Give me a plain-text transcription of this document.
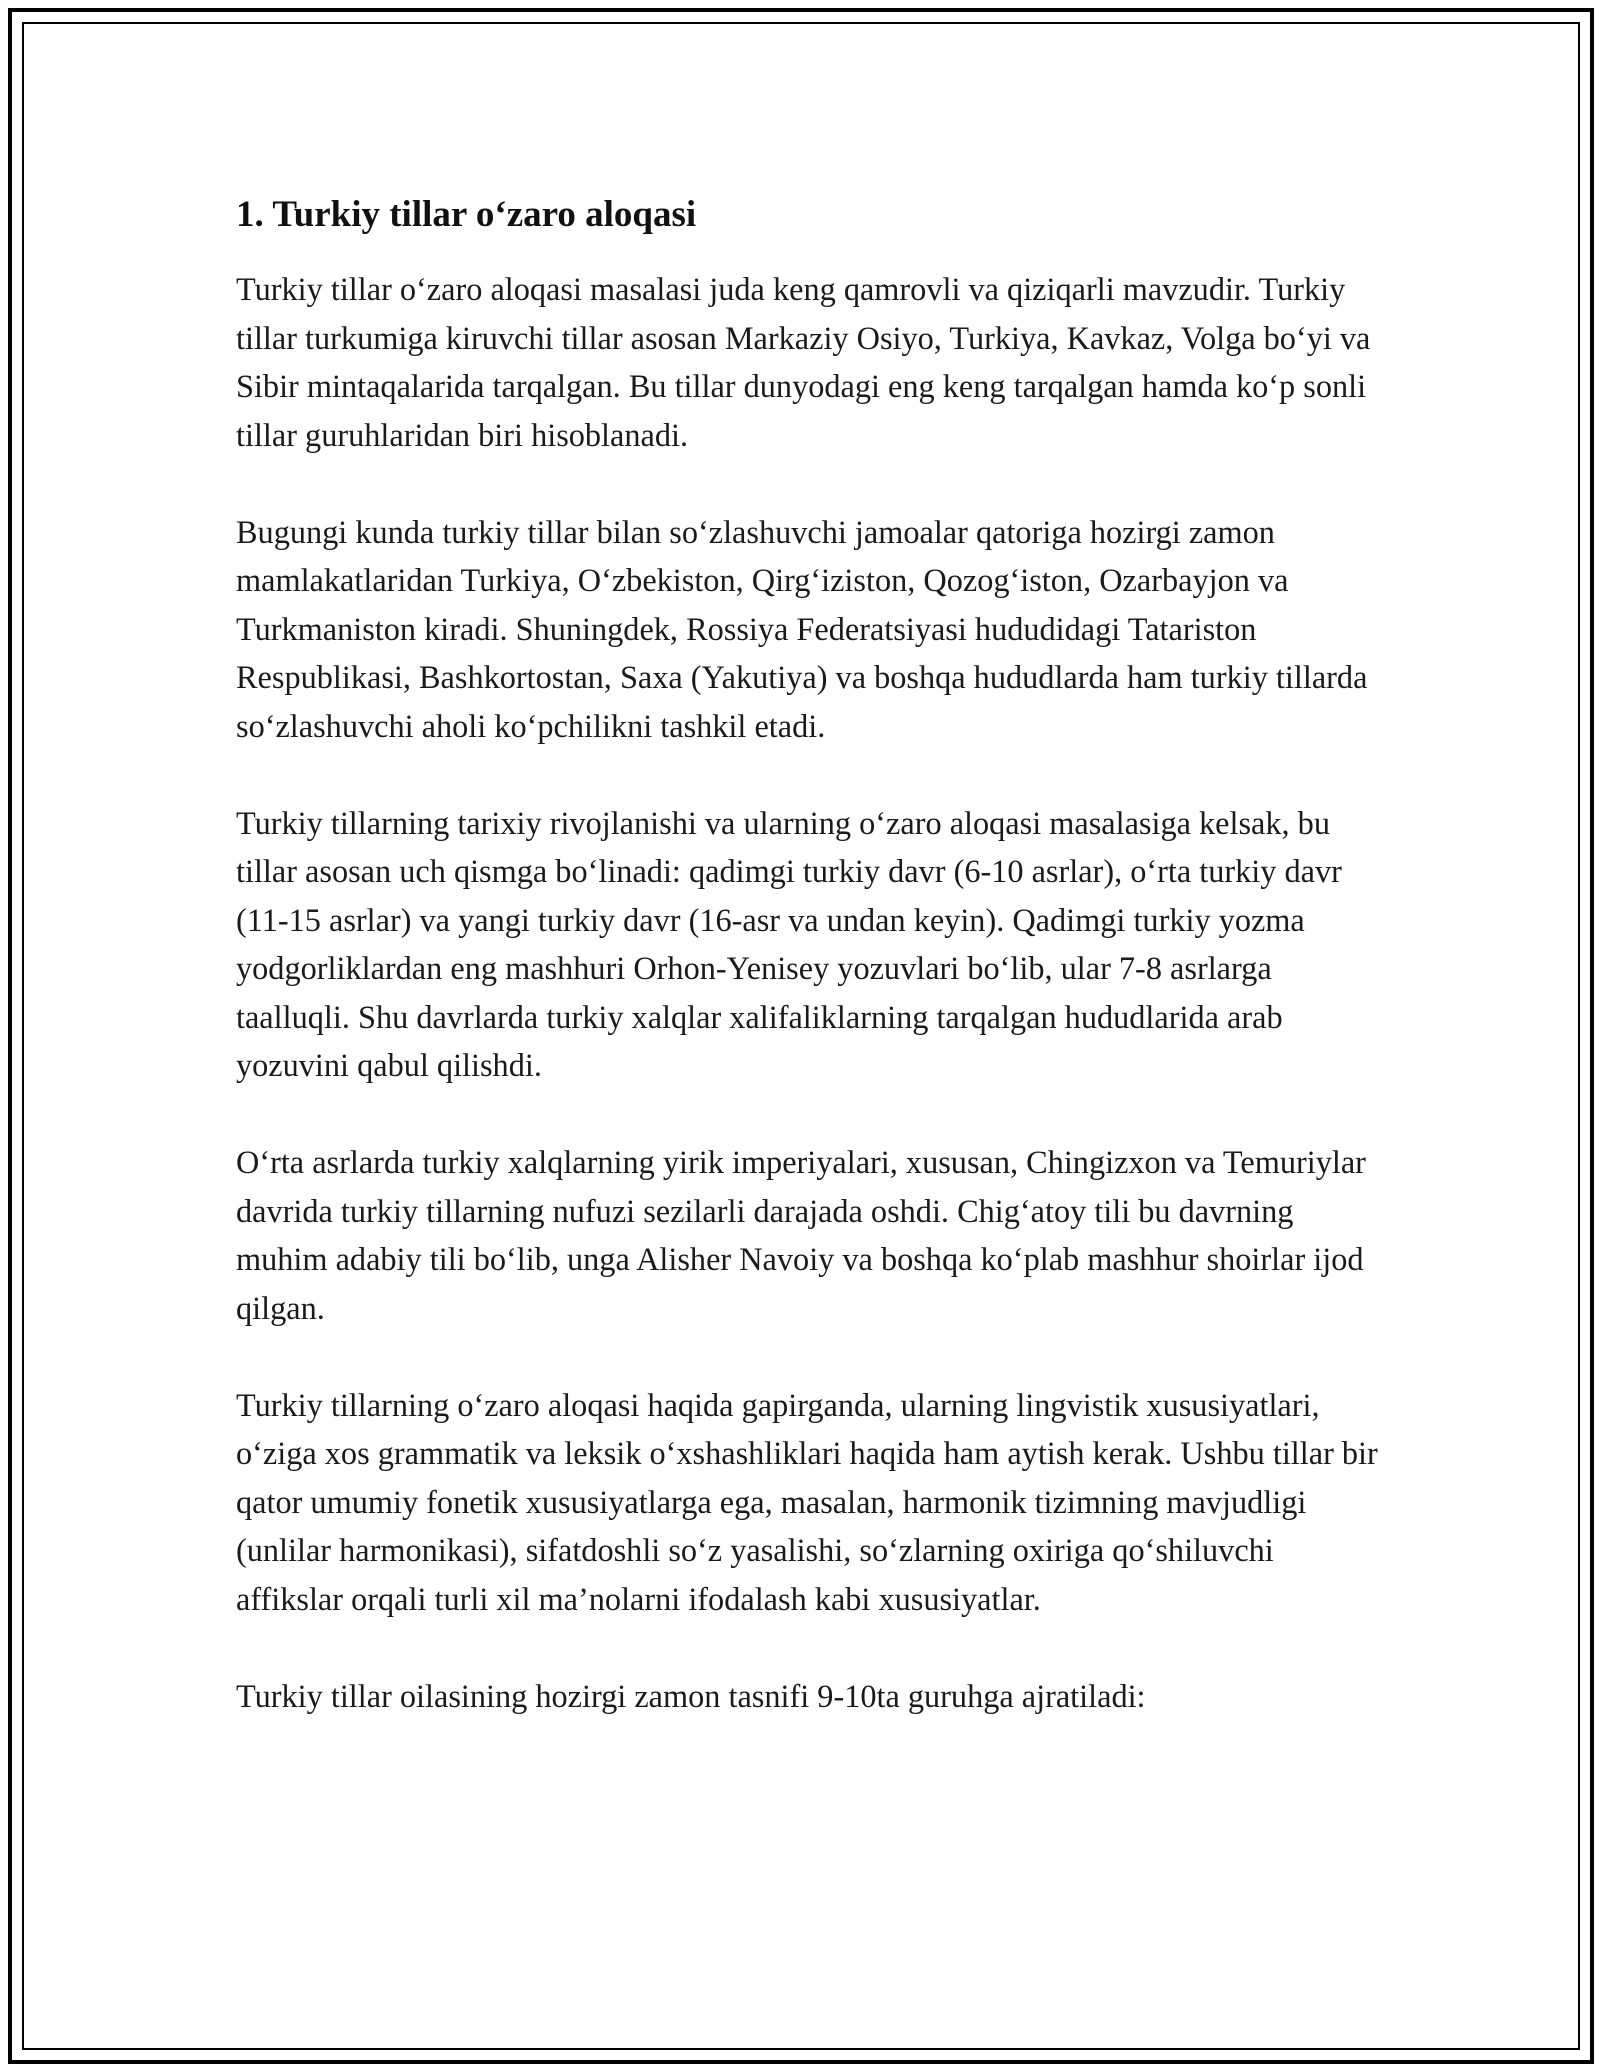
1. Turkiy tillar o‘zaro aloqasi

Turkiy tillar o‘zaro aloqasi masalasi juda keng qamrovli va qiziqarli mavzudir. Turkiy tillar turkumiga kiruvchi tillar asosan Markaziy Osiyo, Turkiya, Kavkaz, Volga bo‘yi va Sibir mintaqalarida tarqalgan. Bu tillar dunyodagi eng keng tarqalgan hamda ko‘p sonli tillar guruhlaridan biri hisoblanadi.

Bugungi kunda turkiy tillar bilan so‘zlashuvchi jamoalar qatoriga hozirgi zamon mamlakatlaridan Turkiya, O‘zbekiston, Qirg‘iziston, Qozog‘iston, Ozarbayjon va Turkmaniston kiradi. Shuningdek, Rossiya Federatsiyasi hududidagi Tatariston Respublikasi, Bashkortostan, Saxa (Yakutiya) va boshqa hududlarda ham turkiy tillarda so‘zlashuvchi aholi ko‘pchilikni tashkil etadi.

Turkiy tillarning tarixiy rivojlanishi va ularning o‘zaro aloqasi masalasiga kelsak, bu tillar asosan uch qismga bo‘linadi: qadimgi turkiy davr (6-10 asrlar), o‘rta turkiy davr (11-15 asrlar) va yangi turkiy davr (16-asr va undan keyin). Qadimgi turkiy yozma yodgorliklardan eng mashhuri Orhon-Yenisey yozuvlari bo‘lib, ular 7-8 asrlarga taalluqli. Shu davrlarda turkiy xalqlar xalifaliklarning tarqalgan hududlarida arab yozuvini qabul qilishdi.

O‘rta asrlarda turkiy xalqlarning yirik imperiyalari, xususan, Chingizxon va Temuriylar davrida turkiy tillarning nufuzi sezilarli darajada oshdi. Chig‘atoy tili bu davrning muhim adabiy tili bo‘lib, unga Alisher Navoiy va boshqa ko‘plab mashhur shoirlar ijod qilgan.

Turkiy tillarning o‘zaro aloqasi haqida gapirganda, ularning lingvistik xususiyatlari, o‘ziga xos grammatik va leksik o‘xshashliklari haqida ham aytish kerak. Ushbu tillar bir qator umumiy fonetik xususiyatlarga ega, masalan, harmonik tizimning mavjudligi (unlilar harmonikasi), sifatdoshli so‘z yasalishi, so‘zlarning oxiriga qo‘shiluvchi affikslar orqali turli xil ma’nolarni ifodalash kabi xususiyatlar.

Turkiy tillar oilasining hozirgi zamon tasnifi 9-10ta guruhga ajratiladi:
